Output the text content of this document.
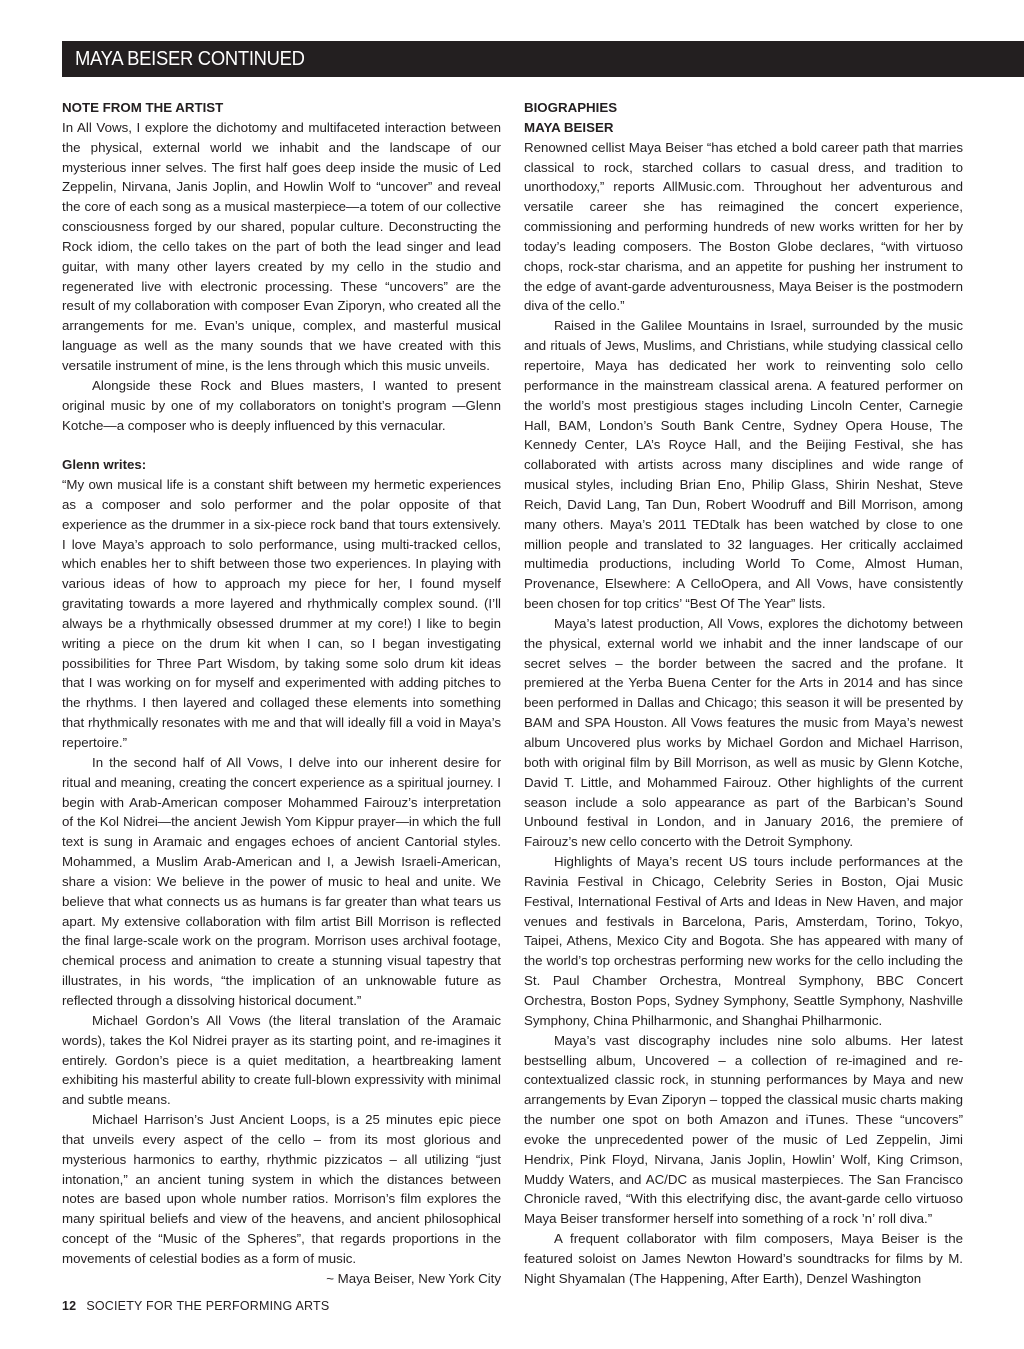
MAYA BEISER CONTINUED
NOTE FROM THE ARTIST

In All Vows, I explore the dichotomy and multifaceted interaction between the physical, external world we inhabit and the landscape of our mysterious inner selves. The first half goes deep inside the music of Led Zeppelin, Nirvana, Janis Joplin, and Howlin Wolf to “uncover” and reveal the core of each song as a musical masterpiece—a totem of our collective consciousness forged by our shared, popular culture. Deconstructing the Rock idiom, the cello takes on the part of both the lead singer and lead guitar, with many other layers created by my cello in the studio and regenerated live with electronic processing. These “uncovers” are the result of my collaboration with composer Evan Ziporyn, who created all the arrangements for me. Evan’s unique, complex, and masterful musical language as well as the many sounds that we have created with this versatile instrument of mine, is the lens through which this music unveils.

Alongside these Rock and Blues masters, I wanted to present original music by one of my collaborators on tonight’s program —Glenn Kotche—a composer who is deeply influenced by this vernacular.

Glenn writes:

“My own musical life is a constant shift between my hermetic experiences as a composer and solo performer and the polar opposite of that experience as the drummer in a six-piece rock band that tours extensively. I love Maya’s approach to solo performance, using multi-tracked cellos, which enables her to shift between those two experiences. In playing with various ideas of how to approach my piece for her, I found myself gravitating towards a more layered and rhythmically complex sound. (I’ll always be a rhythmically obsessed drummer at my core!) I like to begin writing a piece on the drum kit when I can, so I began investigating possibilities for Three Part Wisdom, by taking some solo drum kit ideas that I was working on for myself and experimented with adding pitches to the rhythms. I then layered and collaged these elements into something that rhythmically resonates with me and that will ideally fill a void in Maya’s repertoire.”

In the second half of All Vows, I delve into our inherent desire for ritual and meaning, creating the concert experience as a spiritual journey. I begin with Arab-American composer Mohammed Fairouz’s interpretation of the Kol Nidrei—the ancient Jewish Yom Kippur prayer—in which the full text is sung in Aramaic and engages echoes of ancient Cantorial styles. Mohammed, a Muslim Arab-American and I, a Jewish Israeli-American, share a vision: We believe in the power of music to heal and unite. We believe that what connects us as humans is far greater than what tears us apart. My extensive collaboration with film artist Bill Morrison is reflected the final large-scale work on the program. Morrison uses archival footage, chemical process and animation to create a stunning visual tapestry that illustrates, in his words, “the implication of an unknowable future as reflected through a dissolving historical document.”

Michael Gordon’s All Vows (the literal translation of the Aramaic words), takes the Kol Nidrei prayer as its starting point, and re-imagines it entirely. Gordon’s piece is a quiet meditation, a heartbreaking lament exhibiting his masterful ability to create full-blown expressivity with minimal and subtle means.

Michael Harrison’s Just Ancient Loops, is a 25 minutes epic piece that unveils every aspect of the cello – from its most glorious and mysterious harmonics to earthy, rhythmic pizzicatos – all utilizing “just intonation,” an ancient tuning system in which the distances between notes are based upon whole number ratios. Morrison’s film explores the many spiritual beliefs and view of the heavens, and ancient philosophical concept of the “Music of the Spheres”, that regards proportions in the movements of celestial bodies as a form of music.

~ Maya Beiser, New York City

BIOGRAPHIES
MAYA BEISER

Renowned cellist Maya Beiser “has etched a bold career path that marries classical to rock, starched collars to casual dress, and tradition to unorthodoxy,” reports AllMusic.com. Throughout her adventurous and versatile career she has reimagined the concert experience, commissioning and performing hundreds of new works written for her by today’s leading composers. The Boston Globe declares, “with virtuoso chops, rock-star charisma, and an appetite for pushing her instrument to the edge of avant-garde adventurousness, Maya Beiser is the postmodern diva of the cello.”

Raised in the Galilee Mountains in Israel, surrounded by the music and rituals of Jews, Muslims, and Christians, while studying classical cello repertoire, Maya has dedicated her work to reinventing solo cello performance in the mainstream classical arena. A featured performer on the world’s most prestigious stages including Lincoln Center, Carnegie Hall, BAM, London’s South Bank Centre, Sydney Opera House, The Kennedy Center, LA’s Royce Hall, and the Beijing Festival, she has collaborated with artists across many disciplines and wide range of musical styles, including Brian Eno, Philip Glass, Shirin Neshat, Steve Reich, David Lang, Tan Dun, Robert Woodruff and Bill Morrison, among many others. Maya’s 2011 TEDtalk has been watched by close to one million people and translated to 32 languages. Her critically acclaimed multimedia productions, including World To Come, Almost Human, Provenance, Elsewhere: A CelloOpera, and All Vows, have consistently been chosen for top critics’ “Best Of The Year” lists.

Maya’s latest production, All Vows, explores the dichotomy between the physical, external world we inhabit and the inner landscape of our secret selves – the border between the sacred and the profane. It premiered at the Yerba Buena Center for the Arts in 2014 and has since been performed in Dallas and Chicago; this season it will be presented by BAM and SPA Houston. All Vows features the music from Maya’s newest album Uncovered plus works by Michael Gordon and Michael Harrison, both with original film by Bill Morrison, as well as music by Glenn Kotche, David T. Little, and Mohammed Fairouz. Other highlights of the current season include a solo appearance as part of the Barbican’s Sound Unbound festival in London, and in January 2016, the premiere of Fairouz’s new cello concerto with the Detroit Symphony.

Highlights of Maya’s recent US tours include performances at the Ravinia Festival in Chicago, Celebrity Series in Boston, Ojai Music Festival, International Festival of Arts and Ideas in New Haven, and major venues and festivals in Barcelona, Paris, Amsterdam, Torino, Tokyo, Taipei, Athens, Mexico City and Bogota. She has appeared with many of the world’s top orchestras performing new works for the cello including the St. Paul Chamber Orchestra, Montreal Symphony, BBC Concert Orchestra, Boston Pops, Sydney Symphony, Seattle Symphony, Nashville Symphony, China Philharmonic, and Shanghai Philharmonic.

Maya’s vast discography includes nine solo albums. Her latest bestselling album, Uncovered – a collection of re-imagined and re-contextualized classic rock, in stunning performances by Maya and new arrangements by Evan Ziporyn – topped the classical music charts making the number one spot on both Amazon and iTunes. These “uncovers” evoke the unprecedented power of the music of Led Zeppelin, Jimi Hendrix, Pink Floyd, Nirvana, Janis Joplin, Howlin’ Wolf, King Crimson, Muddy Waters, and AC/DC as musical masterpieces. The San Francisco Chronicle raved, “With this electrifying disc, the avant-garde cello virtuoso Maya Beiser transformer herself into something of a rock ’n’ roll diva.”

A frequent collaborator with film composers, Maya Beiser is the featured soloist on James Newton Howard’s soundtracks for films by M. Night Shyamalan (The Happening, After Earth), Denzel Washington

12 SOCIETY FOR THE PERFORMING ARTS
